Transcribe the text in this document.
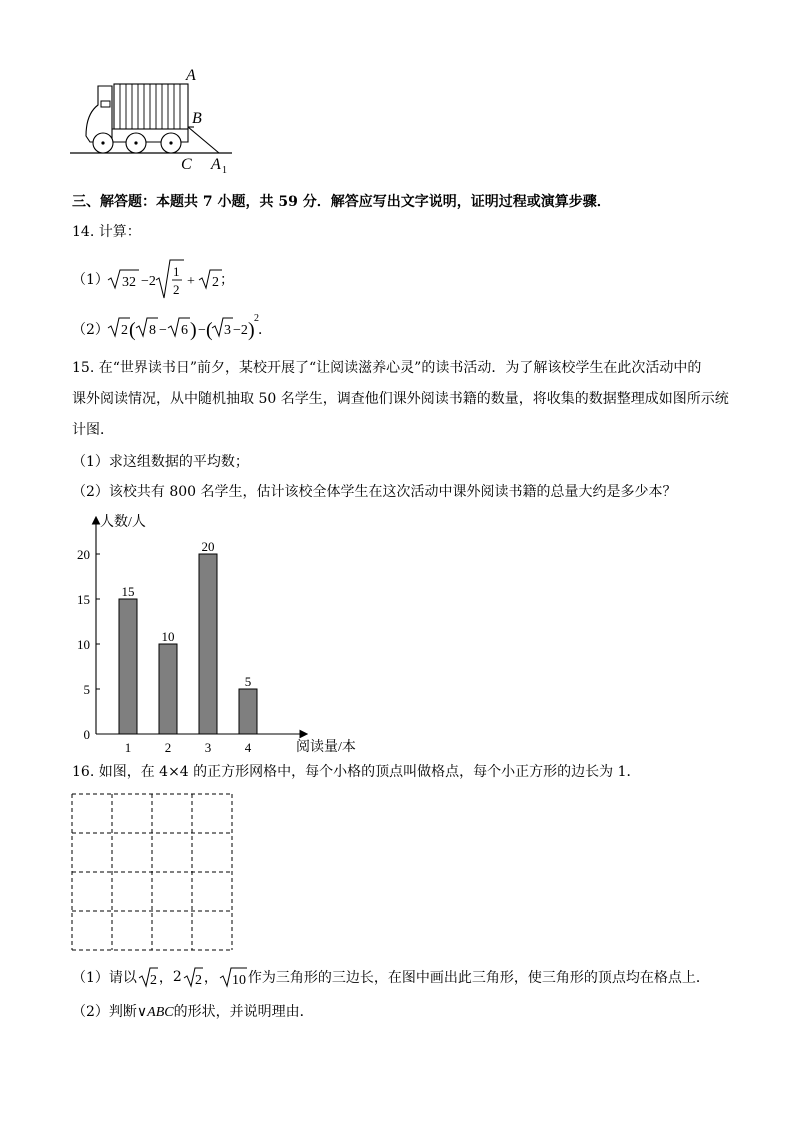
A
B
C A 1
三、解答题：本题共 7 小题，共 59 分．解答应写出文字说明，证明过程或演算步骤．
14. 计算：
（1） 32 −2
1
2
+ 2 ；
（2） 2 ( 8 − 6 ) − ( 3 −2 )
2
．
15. 在“世界读书日”前夕，某校开展了“让阅读滋养心灵”的读书活动．为了解该校学生在此次活动中的
课外阅读情况，从中随机抽取 50 名学生，调查他们课外阅读书籍的数量，将收集的数据整理成如图所示统
计图．
（1）求这组数据的平均数；
（2）该校共有 800 名学生，估计该校全体学生在这次活动中课外阅读书籍的总量大约是多少本？
人数/人
阅读量/本
0
5
10
15
20
15
1
10
2
20
3
5
4
16. 如图，在 4×4 的正方形网格中，每个小格的顶点叫做格点，每个小正方形的边长为 1．
（1）请以 2 ， 2 2 ， 10 作为三角形的三边长，在图中画出此三角形，使三角形的顶点均在格点上．
（2）判断∨ABC的形状，并说明理由．
